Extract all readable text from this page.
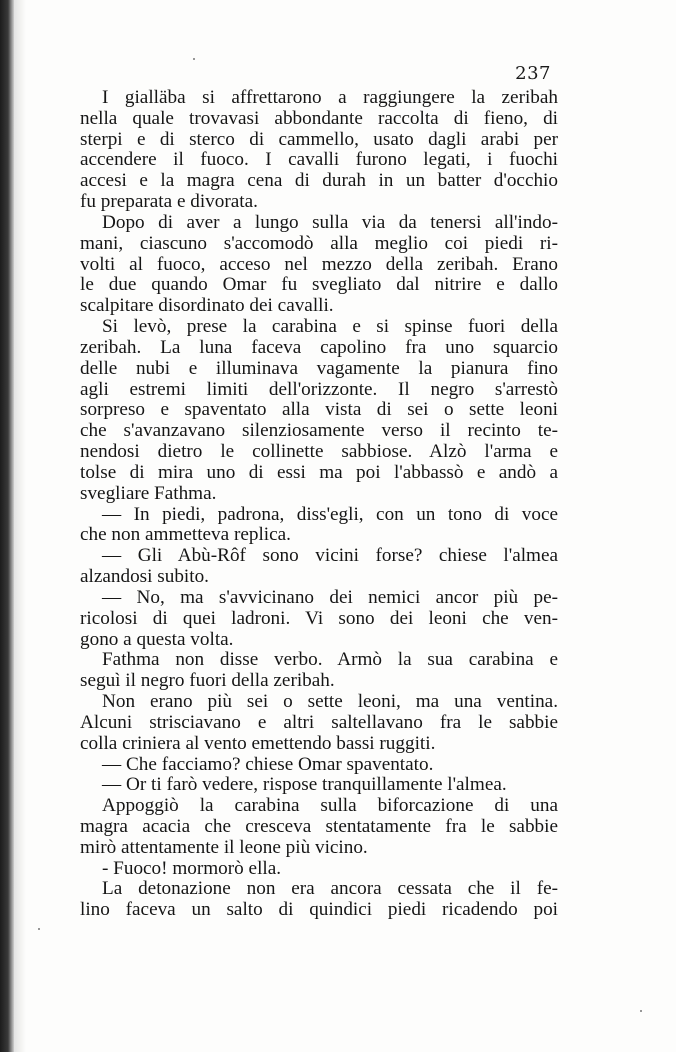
237
I gialläba si affrettarono a raggiungere la zeribah
nella quale trovavasi abbondante raccolta di fieno, di
sterpi e di sterco di cammello, usato dagli arabi per
accendere il fuoco. I cavalli furono legati, i fuochi
accesi e la magra cena di durah in un batter d'occhio
fu preparata e divorata.
Dopo di aver a lungo sulla via da tenersi all'indo-
mani, ciascuno s'accomodò alla meglio coi piedi ri-
volti al fuoco, acceso nel mezzo della zeribah. Erano
le due quando Omar fu svegliato dal nitrire e dallo
scalpitare disordinato dei cavalli.
Si levò, prese la carabina e si spinse fuori della
zeribah. La luna faceva capolino fra uno squarcio
delle nubi e illuminava vagamente la pianura fino
agli estremi limiti dell'orizzonte. Il negro s'arrestò
sorpreso e spaventato alla vista di sei o sette leoni
che s'avanzavano silenziosamente verso il recinto te-
nendosi dietro le collinette sabbiose. Alzò l'arma e
tolse di mira uno di essi ma poi l'abbassò e andò a
svegliare Fathma.
— In piedi, padrona, diss'egli, con un tono di voce
che non ammetteva replica.
— Gli Abù-Rôf sono vicini forse? chiese l'almea
alzandosi subito.
— No, ma s'avvicinano dei nemici ancor più pe-
ricolosi di quei ladroni. Vi sono dei leoni che ven-
gono a questa volta.
Fathma non disse verbo. Armò la sua carabina e
seguì il negro fuori della zeribah.
Non erano più sei o sette leoni, ma una ventina.
Alcuni strisciavano e altri saltellavano fra le sabbie
colla criniera al vento emettendo bassi ruggiti.
— Che facciamo? chiese Omar spaventato.
— Or ti farò vedere, rispose tranquillamente l'almea.
Appoggiò la carabina sulla biforcazione di una
magra acacia che cresceva stentatamente fra le sabbie
mirò attentamente il leone più vicino.
- Fuoco! mormorò ella.
La detonazione non era ancora cessata che il fe-
lino faceva un salto di quindici piedi ricadendo poi
